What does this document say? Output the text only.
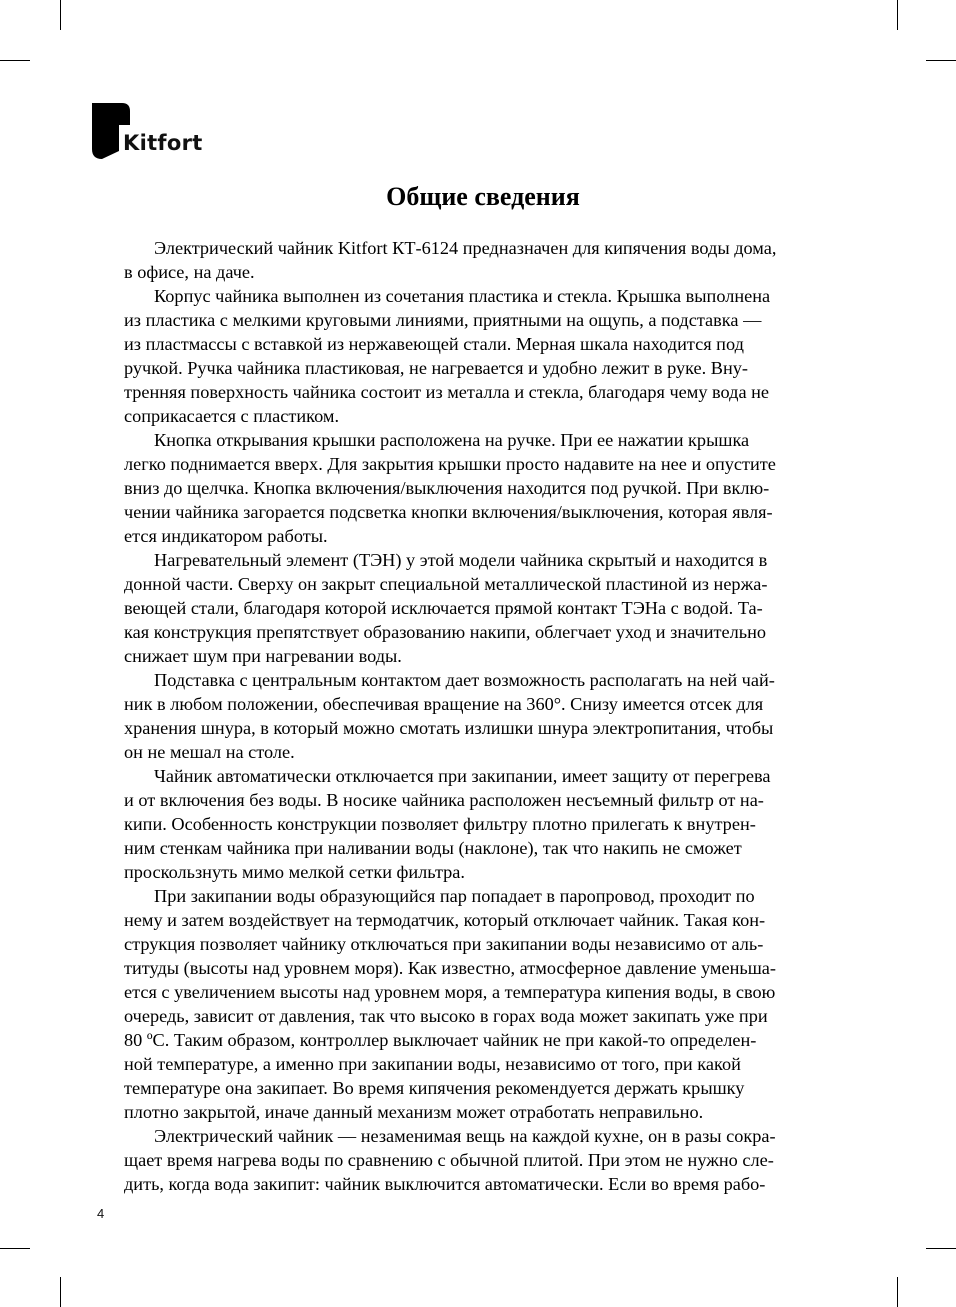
Kitfort
Общие сведения

Электрический чайник Kitfort КТ-6124 предназначен для кипячения воды дома,
в офисе, на даче.

Корпус чайника выполнен из сочетания пластика и стекла. Крышка выполнена
из пластика с мелкими круговыми линиями, приятными на ощупь, а подставка —
из пластмассы с вставкой из нержавеющей стали. Мерная шкала находится под
ручкой. Ручка чайника пластиковая, не нагревается и удобно лежит в руке. Вну-
тренняя поверхность чайника состоит из металла и стекла, благодаря чему вода не
соприкасается с пластиком.

Кнопка открывания крышки расположена на ручке. При ее нажатии крышка
легко поднимается вверх. Для закрытия крышки просто надавите на нее и опустите
вниз до щелчка. Кнопка включения/выключения находится под ручкой. При вклю-
чении чайника загорается подсветка кнопки включения/выключения, которая явля-
ется индикатором работы.

Нагревательный элемент (ТЭН) у этой модели чайника скрытый и находится в
донной части. Сверху он закрыт специальной металлической пластиной из нержа-
веющей стали, благодаря которой исключается прямой контакт ТЭНа с водой. Та-
кая конструкция препятствует образованию накипи, облегчает уход и значительно
снижает шум при нагревании воды.

Подставка с центральным контактом дает возможность располагать на ней чай-
ник в любом положении, обеспечивая вращение на 360°. Снизу имеется отсек для
хранения шнура, в который можно смотать излишки шнура электропитания, чтобы
он не мешал на столе.

Чайник автоматически отключается при закипании, имеет защиту от перегрева
и от включения без воды. В носике чайника расположен несъемный фильтр от на-
кипи. Особенность конструкции позволяет фильтру плотно прилегать к внутрен-
ним стенкам чайника при наливании воды (наклоне), так что накипь не сможет
проскользнуть мимо мелкой сетки фильтра.

При закипании воды образующийся пар попадает в паропровод, проходит по
нему и затем воздействует на термодатчик, который отключает чайник. Такая кон-
струкция позволяет чайнику отключаться при закипании воды независимо от аль-
титуды (высоты над уровнем моря). Как известно, атмосферное давление уменьша-
ется с увеличением высоты над уровнем моря, а температура кипения воды, в свою
очередь, зависит от давления, так что высоко в горах вода может закипать уже при
80 ºС. Таким образом, контроллер выключает чайник не при какой-то определен-
ной температуре, а именно при закипании воды, независимо от того, при какой
температуре она закипает. Во время кипячения рекомендуется держать крышку
плотно закрытой, иначе данный механизм может отработать неправильно.

Электрический чайник — незаменимая вещь на каждой кухне, он в разы сокра-
щает время нагрева воды по сравнению с обычной плитой. При этом не нужно сле-
дить, когда вода закипит: чайник выключится автоматически. Если во время рабо-

4
